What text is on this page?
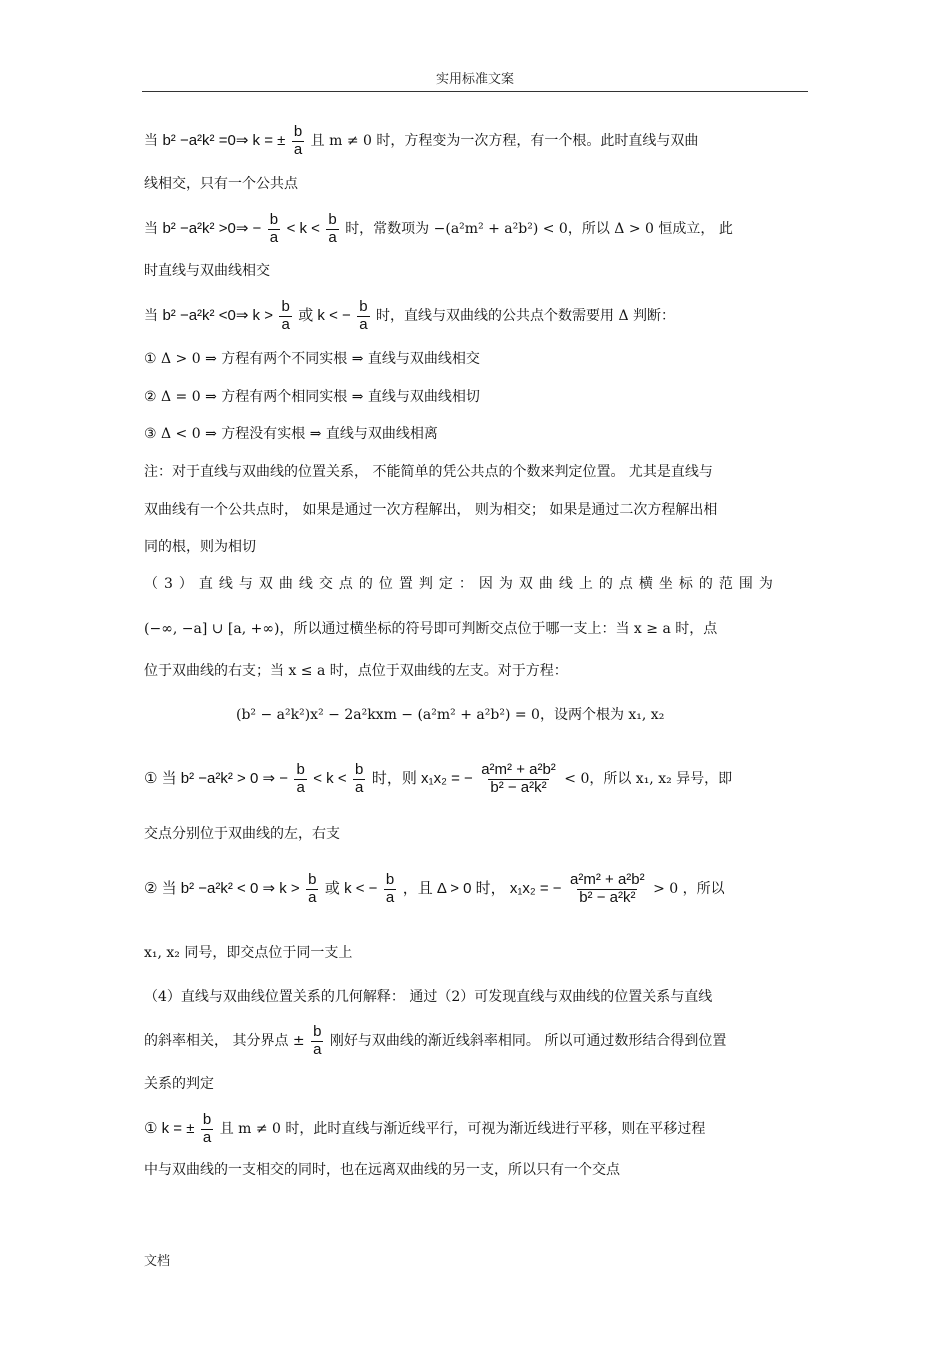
实用标准文案
当 b² −a²k² =0⇒ k = ± $\frac{b}{a}$ 且 m ≠ 0 时，方程变为一次方程，有一个根。此时直线与双曲
线相交，只有一个公共点
当 b² −a²k² >0⇒ − $\frac{b}{a} < k < \frac{b}{a}$ 时，常数项为 −(a²m² + a²b²) < 0，所以 Δ > 0 恒成立， 此
时直线与双曲线相交
当 b² −a²k² <0⇒ $k > \frac{b}{a}$ 或 k < − $\frac{b}{a}$ 时，直线与双曲线的公共点个数需要用 Δ 判断：
① Δ > 0 ⇒ 方程有两个不同实根 ⇒ 直线与双曲线相交
② Δ = 0 ⇒ 方程有两个相同实根 ⇒ 直线与双曲线相切
③ Δ < 0 ⇒ 方程没有实根 ⇒ 直线与双曲线相离
注：对于直线与双曲线的位置关系， 不能简单的凭公共点的个数来判定位置。 尤其是直线与
双曲线有一个公共点时， 如果是通过一次方程解出， 则为相交； 如果是通过二次方程解出相
同的根，则为相切
（3）直线与双曲线交点的位置判定：因为双曲线上的点横坐标的范围为
(−∞, −a] ∪ [a, +∞)，所以通过横坐标的符号即可判断交点位于哪一支上：当 x ≥ a 时，点
位于双曲线的右支；当 x ≤ a 时，点位于双曲线的左支。对于方程：
(b² − a²k²)x² − 2a²kxm − (a²m² + a²b²) = 0，设两个根为 x₁, x₂
① 当 b² −a²k² > 0 ⇒ − $\frac{b}{a} < k < \frac{b}{a}$ 时，则 x₁x₂ = − $\frac{\text{a²m² + a²b²}}{\text{b² − a²k²}} < 0$，所以 x₁, x₂ 异号，即
交点分别位于双曲线的左，右支
② 当 b² −a²k² < 0 ⇒ $k > \frac{b}{a}$ 或 k < − $\frac{b}{a}$ ，且 Δ > 0 时， x₁x₂ = − $\frac{\text{a²m² + a²b²}}{\text{b² − a²k²}} > 0$ ，所以
x₁, x₂ 同号，即交点位于同一支上
（4）直线与双曲线位置关系的几何解释： 通过（2）可发现直线与双曲线的位置关系与直线
的斜率相关， 其分界点 ± $\frac{b}{a}$ 刚好与双曲线的渐近线斜率相同。 所以可通过数形结合得到位置
关系的判定
① k = ± $\frac{b}{a}$ 且 m ≠ 0 时，此时直线与渐近线平行，可视为渐近线进行平移，则在平移过程
中与双曲线的一支相交的同时，也在远离双曲线的另一支，所以只有一个交点
文档
